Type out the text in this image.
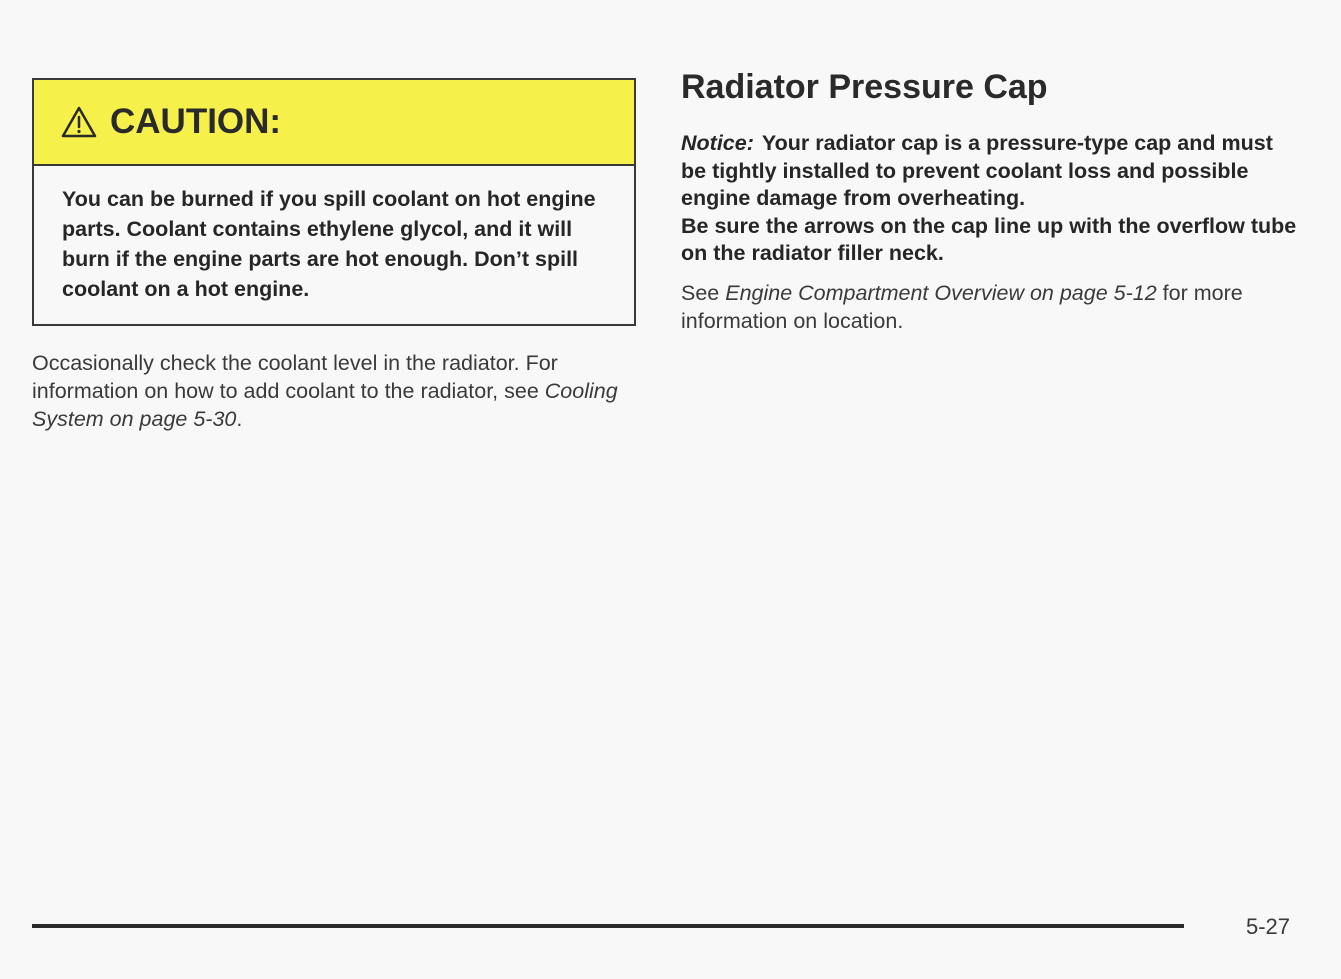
CAUTION:
You can be burned if you spill coolant on hot engine parts. Coolant contains ethylene glycol, and it will burn if the engine parts are hot enough. Don’t spill coolant on a hot engine.

Occasionally check the coolant level in the radiator. For information on how to add coolant to the radiator, see Cooling System on page 5-30.

Radiator Pressure Cap

Notice: Your radiator cap is a pressure-type cap and must be tightly installed to prevent coolant loss and possible engine damage from overheating.
Be sure the arrows on the cap line up with the overflow tube on the radiator filler neck.

See Engine Compartment Overview on page 5-12 for more information on location.

5-27
